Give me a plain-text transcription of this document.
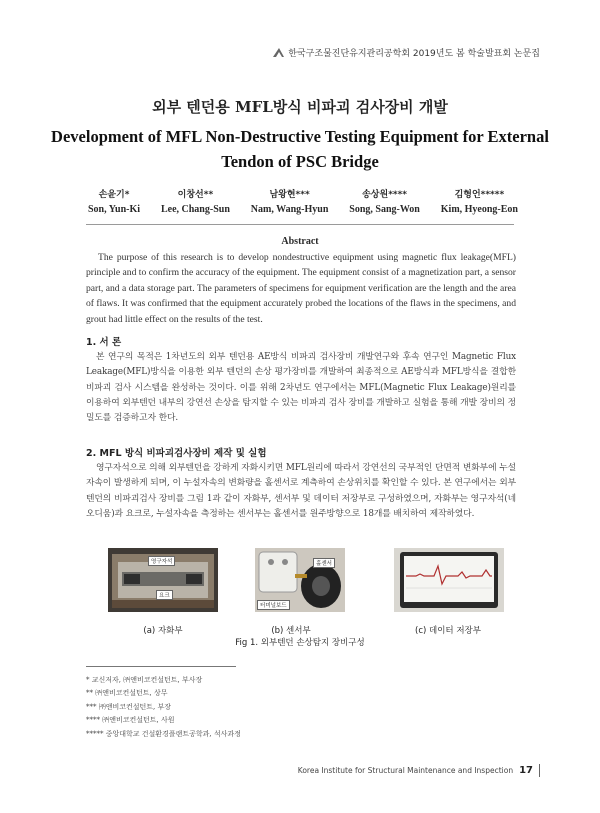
한국구조물진단유지관리공학회 2019년도 봄 학술발표회 논문집
외부 텐던용 MFL방식 비파괴 검사장비 개발
Development of MFL Non-Destructive Testing Equipment for External
Tendon of PSC Bridge
손윤기*
Son, Yun-Ki
이창선**
Lee, Chang-Sun
남왕현***
Nam, Wang-Hyun
송상원****
Song, Sang-Won
김형언*****
Kim, Hyeong-Eon
Abstract

The purpose of this research is to develop nondestructive equipment using magnetic flux leakage(MFL) principle and to confirm the accuracy of the equipment. The equipment consist of a magnetization part, a sensor part, and a data storage part. The parameters of specimens for equipment verification are the length and the area of flaws. It was confirmed that the equipment accurately probed the locations of the flaws in the specimens, and grout had little effect on the results of the test.

1. 서 론

본 연구의 목적은 1차년도의 외부 텐던용 AE방식 비파괴 검사장비 개발연구와 후속 연구인 Magnetic Flux Leakage(MFL)방식을 이용한 외부 텐던의 손상 평가장비를 개발하여 최종적으로 AE방식과 MFL방식을 결합한 비파괴 검사 시스템을 완성하는 것이다. 이를 위해 2차년도 연구에서는 MFL(Magnetic Flux Leakage)원리를 이용하여 외부텐던 내부의 강연선 손상을 탐지할 수 있는 비파괴 검사 장비를 개발하고 실험을 통해 개발 장비의 정밀도를 검증하고자 한다.

2. MFL 방식 비파괴검사장비 제작 및 실험

영구자석으로 의해 외부텐던을 강하게 자화시키면 MFL원리에 따라서 강연선의 국부적인 단면적 변화부에 누설자속이 발생하게 되며, 이 누설자속의 변화량을 홀센서로 계측하여 손상위치를 확인할 수 있다. 본 연구에서는 외부텐던의 비파괴검사 장비를 그림 1과 같이 자화부, 센서부 및 데이터 저장부로 구성하였으며, 자화부는 영구자석(네오디움)과 요크로, 누설자속을 측정하는 센서부는 홀센서를 원주방향으로 18개를 배치하여 제작하였다.

영구자석
요크
홀센서
터미널보드
(a) 자화부	(b) 센서부	(c) 데이터 저장부
Fig 1. 외부텐던 손상탐지 장비구성
* 교신저자, ㈜앤비코컨설턴트, 부사장
** ㈜앤비코컨설턴트, 상무
*** ㈜앤비코컨설턴트, 부장
**** ㈜앤비코컨설턴트, 사원
***** 중앙대학교 건설환경플랜트공학과, 석사과정
Korea Institute for Structural Maintenance and Inspection 17
